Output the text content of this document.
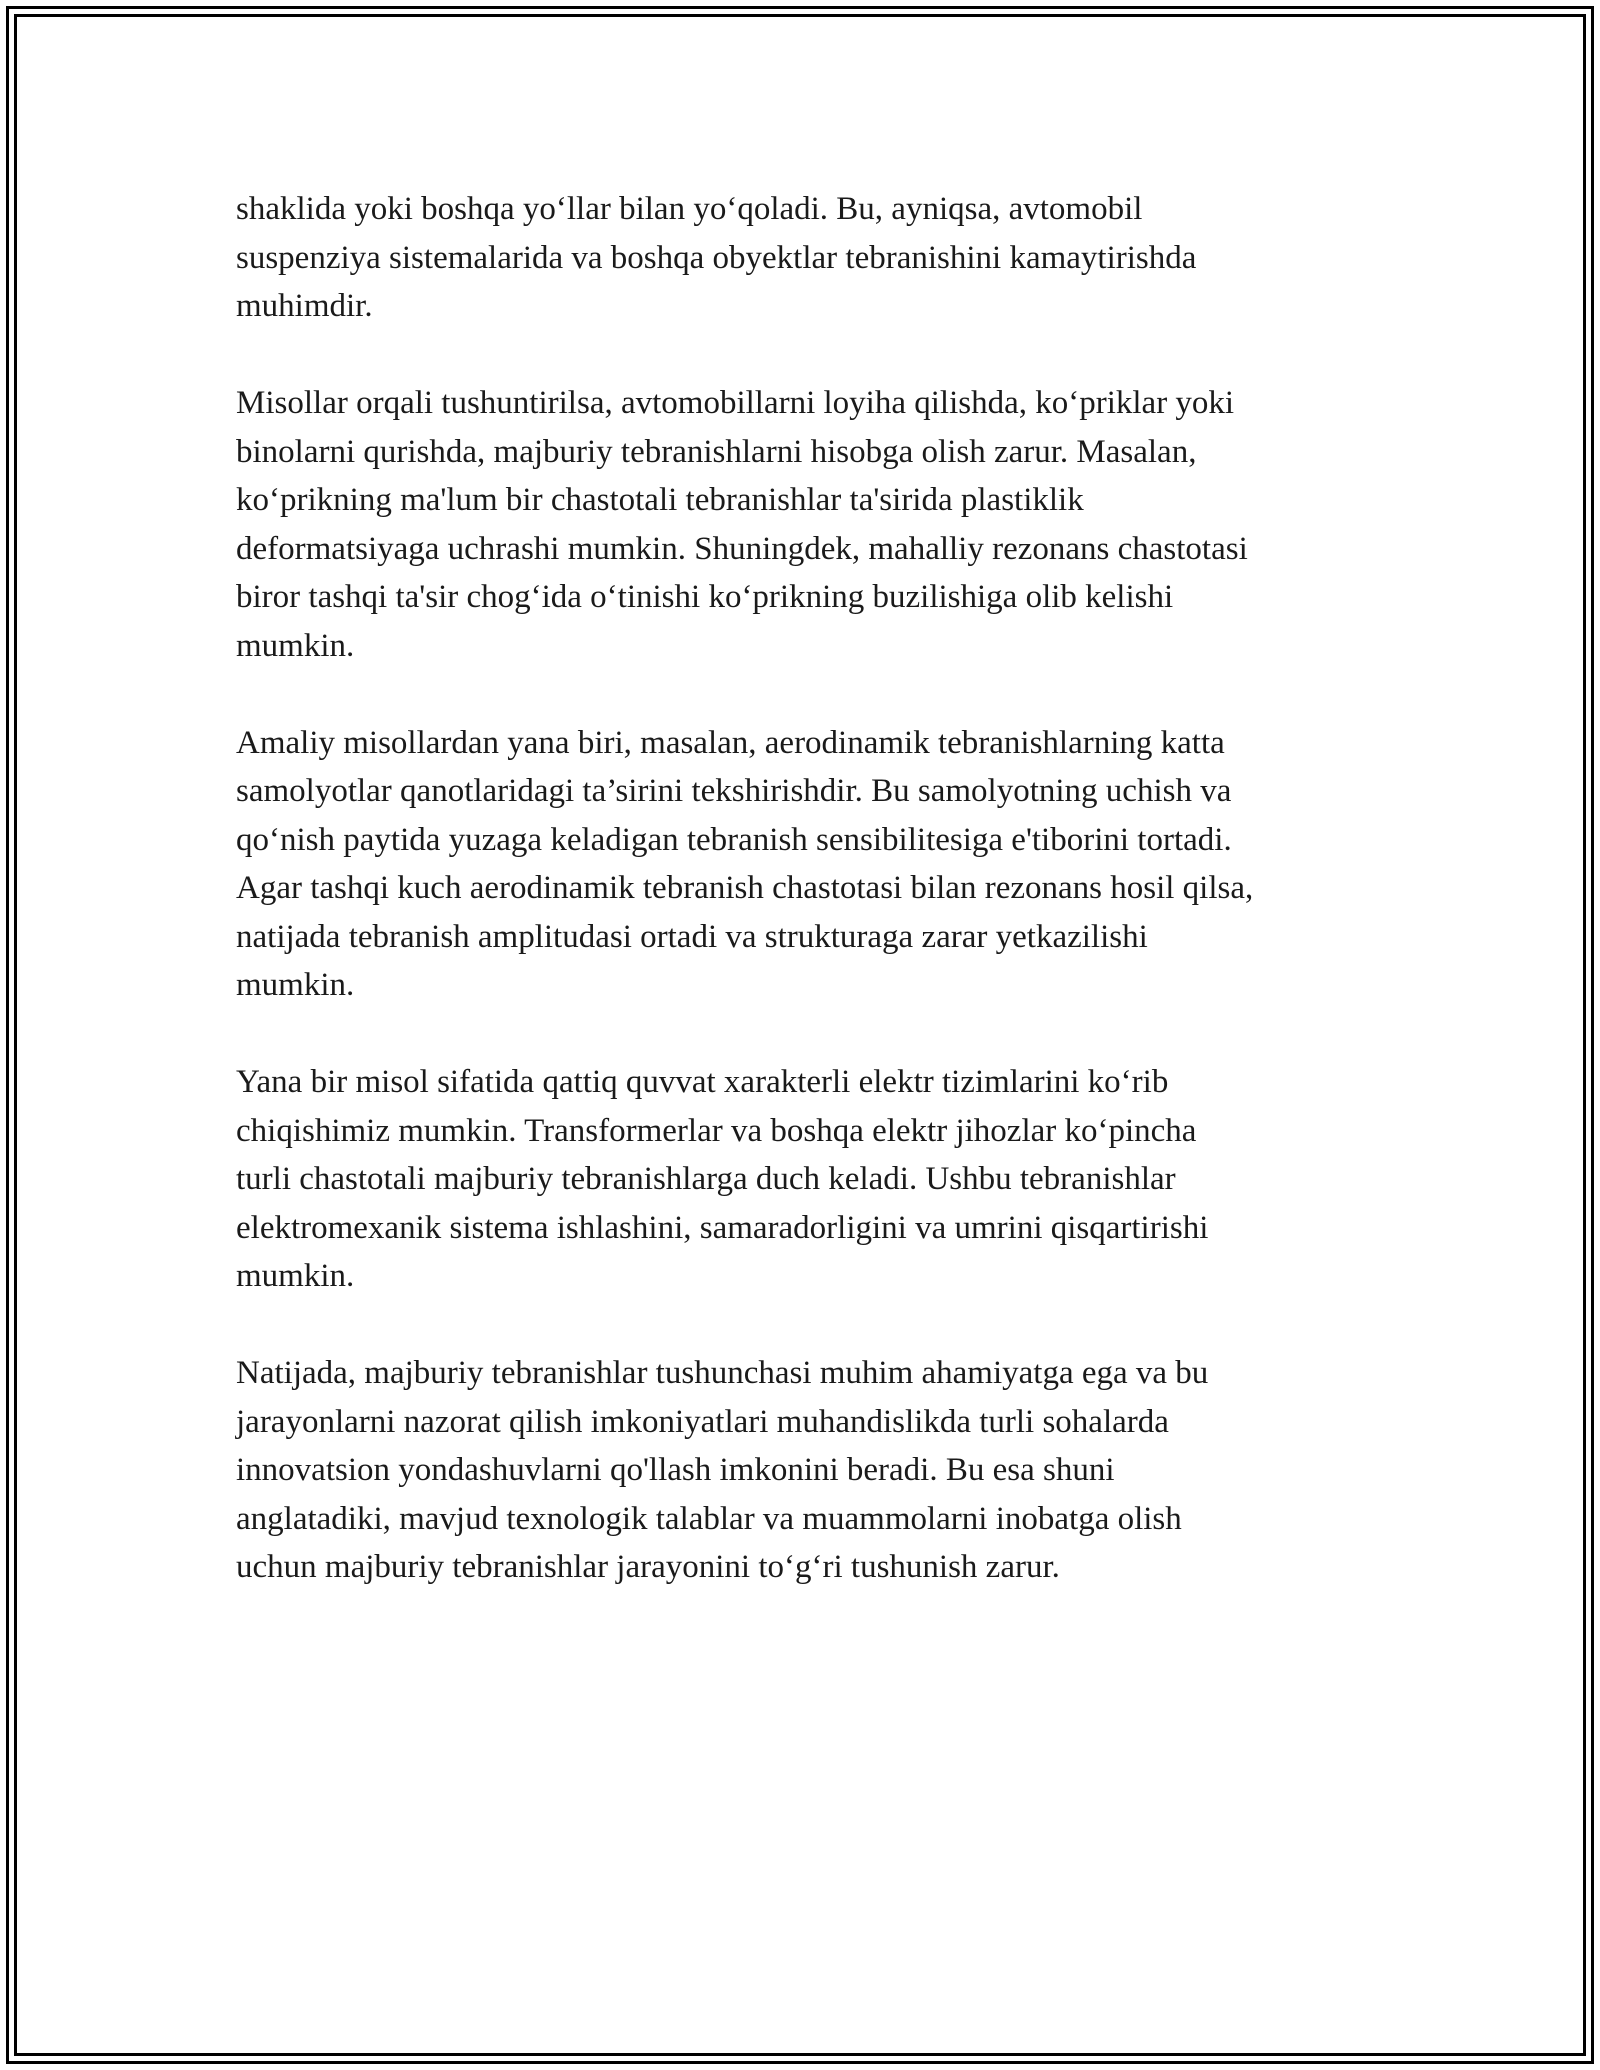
shaklida yoki boshqa yo‘llar bilan yo‘qoladi. Bu, ayniqsa, avtomobil
suspenziya sistemalarida va boshqa obyektlar tebranishini kamaytirishda
muhimdir.

Misollar orqali tushuntirilsa, avtomobillarni loyiha qilishda, ko‘priklar yoki
binolarni qurishda, majburiy tebranishlarni hisobga olish zarur. Masalan,
ko‘prikning ma'lum bir chastotali tebranishlar ta'sirida plastiklik
deformatsiyaga uchrashi mumkin. Shuningdek, mahalliy rezonans chastotasi
biror tashqi ta'sir chog‘ida o‘tinishi ko‘prikning buzilishiga olib kelishi
mumkin.

Amaliy misollardan yana biri, masalan, aerodinamik tebranishlarning katta
samolyotlar qanotlaridagi ta’sirini tekshirishdir. Bu samolyotning uchish va
qo‘nish paytida yuzaga keladigan tebranish sensibilitesiga e'tiborini tortadi.
Agar tashqi kuch aerodinamik tebranish chastotasi bilan rezonans hosil qilsa,
natijada tebranish amplitudasi ortadi va strukturaga zarar yetkazilishi
mumkin.

Yana bir misol sifatida qattiq quvvat xarakterli elektr tizimlarini ko‘rib
chiqishimiz mumkin. Transformerlar va boshqa elektr jihozlar ko‘pincha
turli chastotali majburiy tebranishlarga duch keladi. Ushbu tebranishlar
elektromexanik sistema ishlashini, samaradorligini va umrini qisqartirishi
mumkin.

Natijada, majburiy tebranishlar tushunchasi muhim ahamiyatga ega va bu
jarayonlarni nazorat qilish imkoniyatlari muhandislikda turli sohalarda
innovatsion yondashuvlarni qo'llash imkonini beradi. Bu esa shuni
anglatadiki, mavjud texnologik talablar va muammolarni inobatga olish
uchun majburiy tebranishlar jarayonini to‘g‘ri tushunish zarur.
